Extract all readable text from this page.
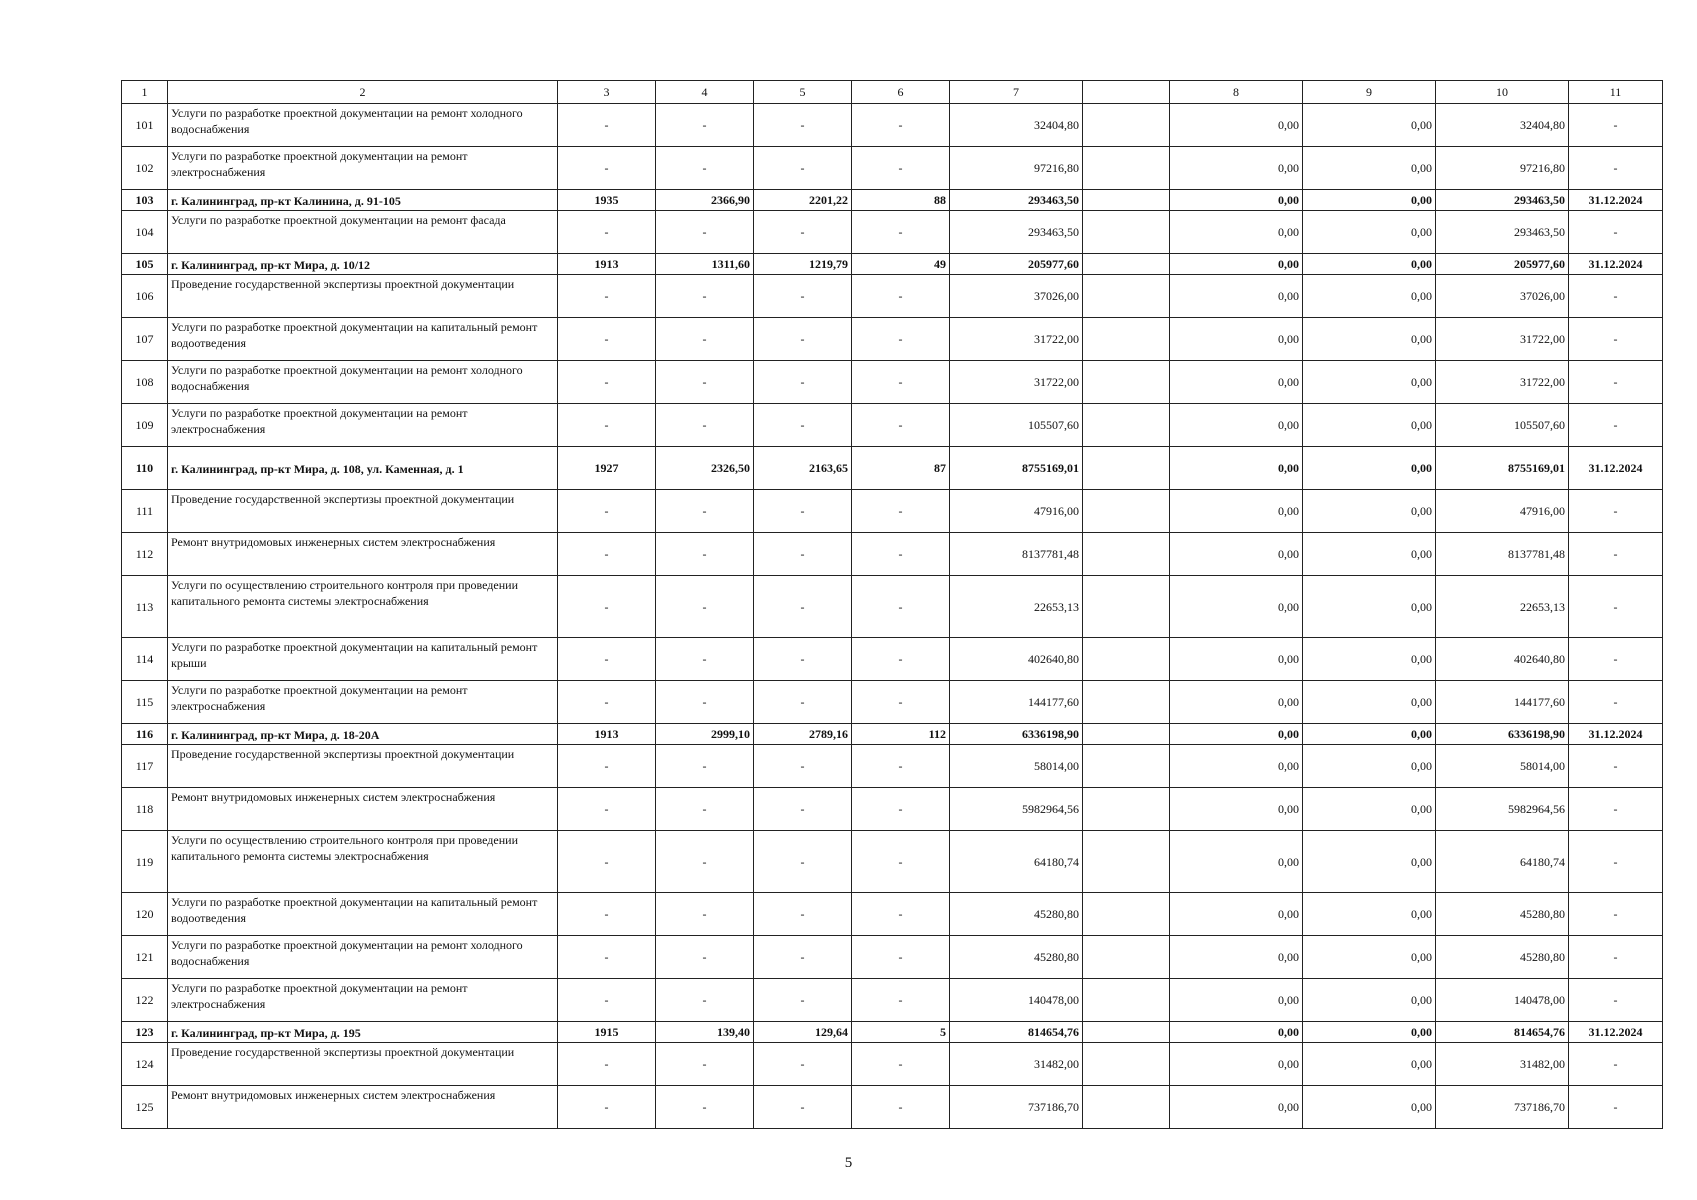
1	2	3	4	5	6	7		8	9	10	11
101	Услуги по разработке проектной документации на ремонт холодного водоснабжения	-	-	-	-	32404,80		0,00	0,00	32404,80	-
102	Услуги по разработке проектной документации на ремонт электроснабжения	-	-	-	-	97216,80		0,00	0,00	97216,80	-
103	г. Калининград, пр-кт Калинина, д. 91-105	1935	2366,90	2201,22	88	293463,50		0,00	0,00	293463,50	31.12.2024
104	Услуги по разработке проектной документации на ремонт фасада	-	-	-	-	293463,50		0,00	0,00	293463,50	-
105	г. Калининград, пр-кт Мира, д. 10/12	1913	1311,60	1219,79	49	205977,60		0,00	0,00	205977,60	31.12.2024
106	Проведение государственной экспертизы проектной документации	-	-	-	-	37026,00		0,00	0,00	37026,00	-
107	Услуги по разработке проектной документации на капитальный ремонт водоотведения	-	-	-	-	31722,00		0,00	0,00	31722,00	-
108	Услуги по разработке проектной документации на ремонт холодного водоснабжения	-	-	-	-	31722,00		0,00	0,00	31722,00	-
109	Услуги по разработке проектной документации на ремонт электроснабжения	-	-	-	-	105507,60		0,00	0,00	105507,60	-
110	г. Калининград, пр-кт Мира, д. 108, ул. Каменная, д. 1	1927	2326,50	2163,65	87	8755169,01		0,00	0,00	8755169,01	31.12.2024
111	Проведение государственной экспертизы проектной документации	-	-	-	-	47916,00		0,00	0,00	47916,00	-
112	Ремонт внутридомовых инженерных систем электроснабжения	-	-	-	-	8137781,48		0,00	0,00	8137781,48	-
113	Услуги по осуществлению строительного контроля при проведении капитального ремонта системы электроснабжения	-	-	-	-	22653,13		0,00	0,00	22653,13	-
114	Услуги по разработке проектной документации на капитальный ремонт крыши	-	-	-	-	402640,80		0,00	0,00	402640,80	-
115	Услуги по разработке проектной документации на ремонт электроснабжения	-	-	-	-	144177,60		0,00	0,00	144177,60	-
116	г. Калининград, пр-кт Мира, д. 18-20А	1913	2999,10	2789,16	112	6336198,90		0,00	0,00	6336198,90	31.12.2024
117	Проведение государственной экспертизы проектной документации	-	-	-	-	58014,00		0,00	0,00	58014,00	-
118	Ремонт внутридомовых инженерных систем электроснабжения	-	-	-	-	5982964,56		0,00	0,00	5982964,56	-
119	Услуги по осуществлению строительного контроля при проведении капитального ремонта системы электроснабжения	-	-	-	-	64180,74		0,00	0,00	64180,74	-
120	Услуги по разработке проектной документации на капитальный ремонт водоотведения	-	-	-	-	45280,80		0,00	0,00	45280,80	-
121	Услуги по разработке проектной документации на ремонт холодного водоснабжения	-	-	-	-	45280,80		0,00	0,00	45280,80	-
122	Услуги по разработке проектной документации на ремонт электроснабжения	-	-	-	-	140478,00		0,00	0,00	140478,00	-
123	г. Калининград, пр-кт Мира, д. 195	1915	139,40	129,64	5	814654,76		0,00	0,00	814654,76	31.12.2024
124	Проведение государственной экспертизы проектной документации	-	-	-	-	31482,00		0,00	0,00	31482,00	-
125	Ремонт внутридомовых инженерных систем электроснабжения	-	-	-	-	737186,70		0,00	0,00	737186,70	-
5
